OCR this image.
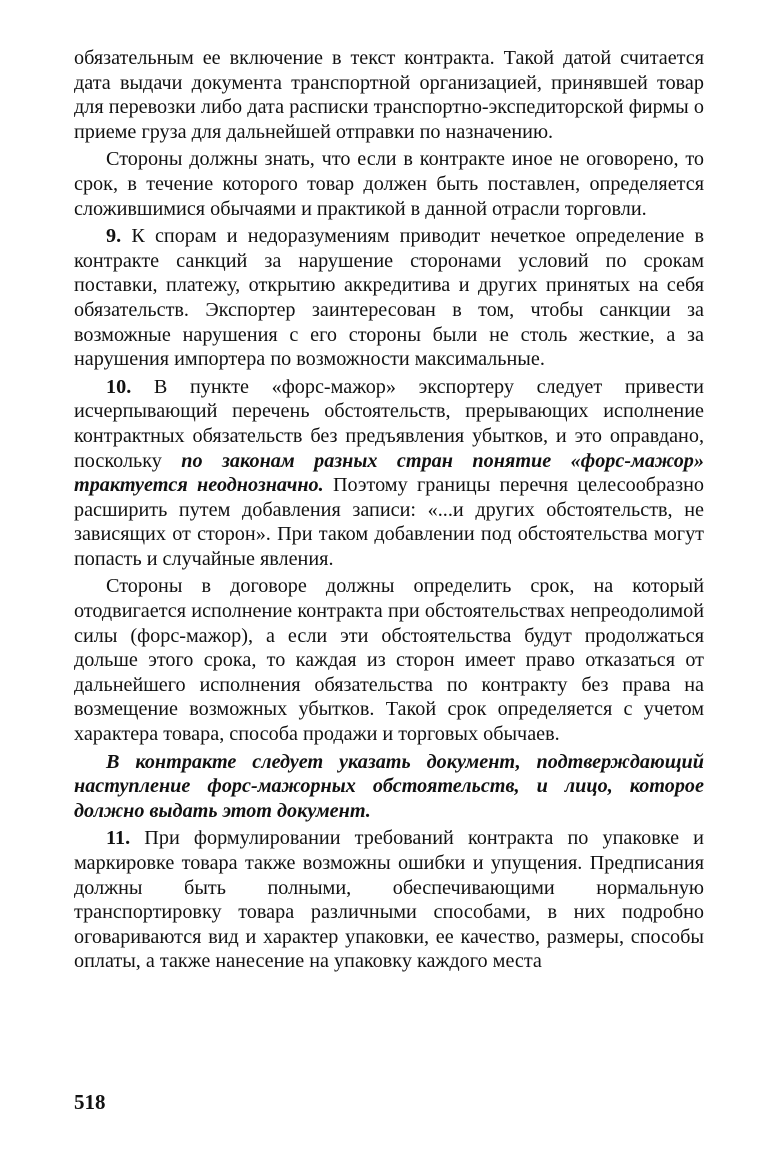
обязательным ее включение в текст контракта. Такой датой считается дата выдачи документа транспортной организацией, принявшей товар для перевозки либо дата расписки транспортно-экспедиторской фирмы о приеме груза для дальнейшей отправки по назначению.

Стороны должны знать, что если в контракте иное не оговорено, то срок, в течение которого товар должен быть поставлен, определяется сложившимися обычаями и практикой в данной отрасли торговли.

9. К спорам и недоразумениям приводит нечеткое определение в контракте санкций за нарушение сторонами условий по срокам поставки, платежу, открытию аккредитива и других принятых на себя обязательств. Экспортер заинтересован в том, чтобы санкции за возможные нарушения с его стороны были не столь жесткие, а за нарушения импортера по возможности максимальные.

10. В пункте «форс-мажор» экспортеру следует привести исчерпывающий перечень обстоятельств, прерывающих исполнение контрактных обязательств без предъявления убытков, и это оправдано, поскольку по законам разных стран понятие «форс-мажор» трактуется неоднозначно. Поэтому границы перечня целесообразно расширить путем добавления записи: «...и других обстоятельств, не зависящих от сторон». При таком добавлении под обстоятельства могут попасть и случайные явления.

Стороны в договоре должны определить срок, на который отодвигается исполнение контракта при обстоятельствах непреодолимой силы (форс-мажор), а если эти обстоятельства будут продолжаться дольше этого срока, то каждая из сторон имеет право отказаться от дальнейшего исполнения обязательства по контракту без права на возмещение возможных убытков. Такой срок определяется с учетом характера товара, способа продажи и торговых обычаев.

В контракте следует указать документ, подтверждающий наступление форс-мажорных обстоятельств, и лицо, которое должно выдать этот документ.

11. При формулировании требований контракта по упаковке и маркировке товара также возможны ошибки и упущения. Предписания должны быть полными, обеспечивающими нормальную транспортировку товара различными способами, в них подробно оговариваются вид и характер упаковки, ее качество, размеры, способы оплаты, а также нанесение на упаковку каждого места

518
